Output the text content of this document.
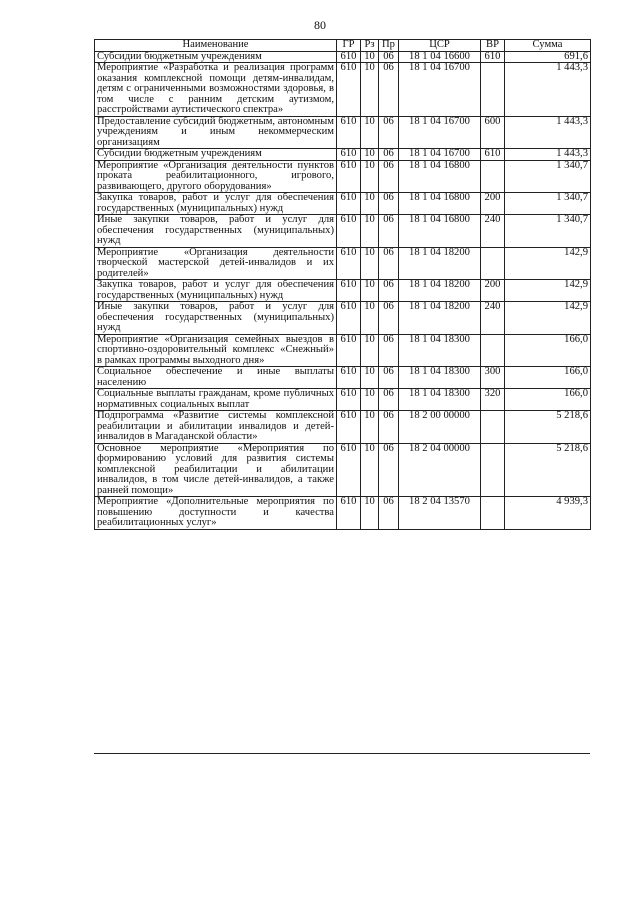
80
Наименование	ГР	Рз	Пр	ЦСР	ВР	Сумма
Субсидии бюджетным учреждениям	610	10	06	18 1 04 16600	610	691,6
Мероприятие «Разработка и реализация программ оказания комплексной помощи детям-инвалидам, детям с ограниченными возможностями здоровья, в том числе с ранним детским аутизмом, расстройствами аутистического спектра»	610	10	06	18 1 04 16700		1 443,3
Предоставление субсидий бюджетным, автономным учреждениям и иным некоммерческим организациям	610	10	06	18 1 04 16700	600	1 443,3
Субсидии бюджетным учреждениям	610	10	06	18 1 04 16700	610	1 443,3
Мероприятие «Организация деятельности пунктов проката реабилитационного, игрового, развивающего, другого оборудования»	610	10	06	18 1 04 16800		1 340,7
Закупка товаров, работ и услуг для обеспечения государственных (муниципальных) нужд	610	10	06	18 1 04 16800	200	1 340,7
Иные закупки товаров, работ и услуг для обеспечения государственных (муниципальных) нужд	610	10	06	18 1 04 16800	240	1 340,7
Мероприятие «Организация деятельности творческой мастерской детей-инвалидов и их родителей»	610	10	06	18 1 04 18200		142,9
Закупка товаров, работ и услуг для обеспечения государственных (муниципальных) нужд	610	10	06	18 1 04 18200	200	142,9
Иные закупки товаров, работ и услуг для обеспечения государственных (муниципальных) нужд	610	10	06	18 1 04 18200	240	142,9
Мероприятие «Организация семейных выездов в спортивно-оздоровительный комплекс «Снежный» в рамках программы выходного дня»	610	10	06	18 1 04 18300		166,0
Социальное обеспечение и иные выплаты населению	610	10	06	18 1 04 18300	300	166,0
Социальные выплаты гражданам, кроме публичных нормативных социальных выплат	610	10	06	18 1 04 18300	320	166,0
Подпрограмма «Развитие системы комплексной реабилитации и абилитации инвалидов и детей-инвалидов в Магаданской области»	610	10	06	18 2 00 00000		5 218,6
Основное мероприятие «Мероприятия по формированию условий для развития системы комплексной реабилитации и абилитации инвалидов, в том числе детей-инвалидов, а также ранней помощи»	610	10	06	18 2 04 00000		5 218,6
Мероприятие «Дополнительные мероприятия по повышению доступности и качества реабилитационных услуг»	610	10	06	18 2 04 13570		4 939,3
